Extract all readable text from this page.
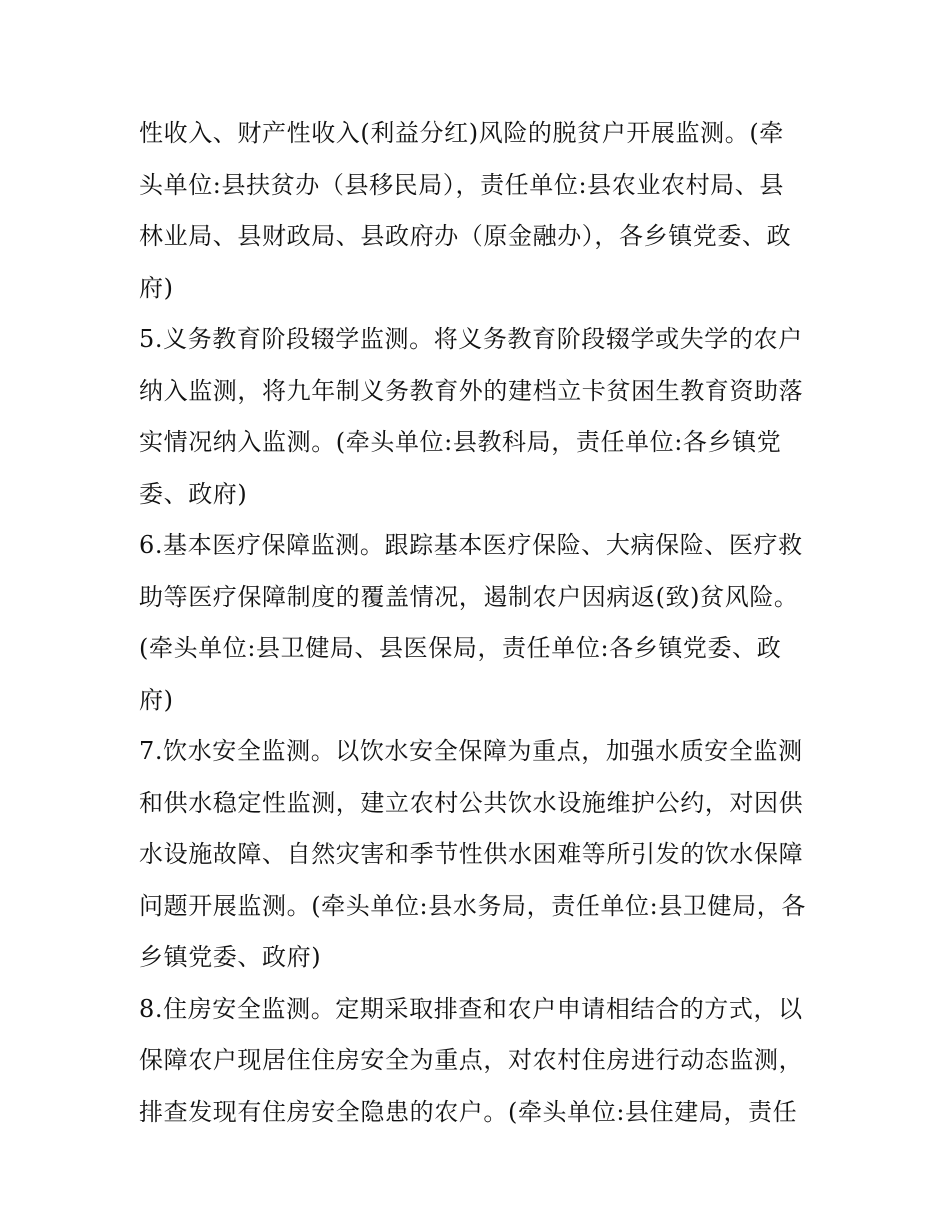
性收入、财产性收入(利益分红)风险的脱贫户开展监测。(牵
头单位:县扶贫办（县移民局），责任单位:县农业农村局、县
林业局、县财政局、县政府办（原金融办），各乡镇党委、政
府)
5.义务教育阶段辍学监测。将义务教育阶段辍学或失学的农户
纳入监测，将九年制义务教育外的建档立卡贫困生教育资助落
实情况纳入监测。(牵头单位:县教科局，责任单位:各乡镇党
委、政府)
6.基本医疗保障监测。跟踪基本医疗保险、大病保险、医疗救
助等医疗保障制度的覆盖情况，遏制农户因病返(致)贫风险。
(牵头单位:县卫健局、县医保局，责任单位:各乡镇党委、政
府)
7.饮水安全监测。以饮水安全保障为重点，加强水质安全监测
和供水稳定性监测，建立农村公共饮水设施维护公约，对因供
水设施故障、自然灾害和季节性供水困难等所引发的饮水保障
问题开展监测。(牵头单位:县水务局，责任单位:县卫健局，各
乡镇党委、政府)
8.住房安全监测。定期采取排查和农户申请相结合的方式，以
保障农户现居住住房安全为重点，对农村住房进行动态监测，
排查发现有住房安全隐患的农户。(牵头单位:县住建局，责任
